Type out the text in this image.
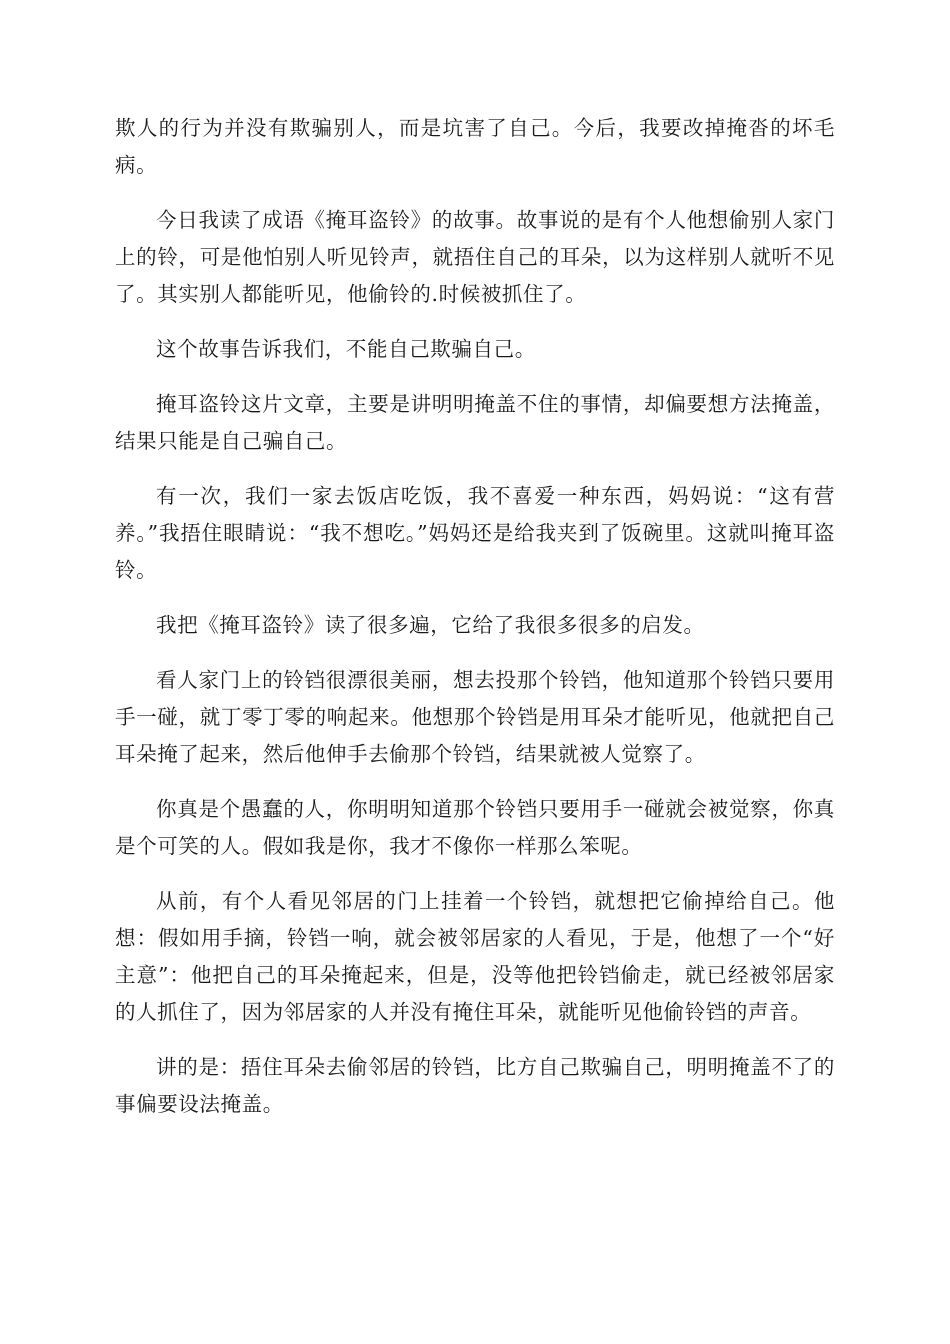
欺人的行为并没有欺骗别人，而是坑害了自己。今后，我要改掉掩沓的坏毛病。

今日我读了成语《掩耳盗铃》的故事。故事说的是有个人他想偷别人家门上的铃，可是他怕别人听见铃声，就捂住自己的耳朵，以为这样别人就听不见了。其实别人都能听见，他偷铃的.时候被抓住了。

这个故事告诉我们，不能自己欺骗自己。

掩耳盗铃这片文章，主要是讲明明掩盖不住的事情，却偏要想方法掩盖，结果只能是自己骗自己。

有一次，我们一家去饭店吃饭，我不喜爱一种东西，妈妈说：“这有营养。”我捂住眼睛说：“我不想吃。”妈妈还是给我夹到了饭碗里。这就叫掩耳盗铃。

我把《掩耳盗铃》读了很多遍，它给了我很多很多的启发。

看人家门上的铃铛很漂很美丽，想去投那个铃铛，他知道那个铃铛只要用手一碰，就丁零丁零的响起来。他想那个铃铛是用耳朵才能听见，他就把自己耳朵掩了起来，然后他伸手去偷那个铃铛，结果就被人觉察了。

你真是个愚蠢的人，你明明知道那个铃铛只要用手一碰就会被觉察，你真是个可笑的人。假如我是你，我才不像你一样那么笨呢。

从前，有个人看见邻居的门上挂着一个铃铛，就想把它偷掉给自己。他想：假如用手摘，铃铛一响，就会被邻居家的人看见，于是，他想了一个“好主意”：他把自己的耳朵掩起来，但是，没等他把铃铛偷走，就已经被邻居家的人抓住了，因为邻居家的人并没有掩住耳朵，就能听见他偷铃铛的声音。

讲的是：捂住耳朵去偷邻居的铃铛，比方自己欺骗自己，明明掩盖不了的事偏要设法掩盖。
